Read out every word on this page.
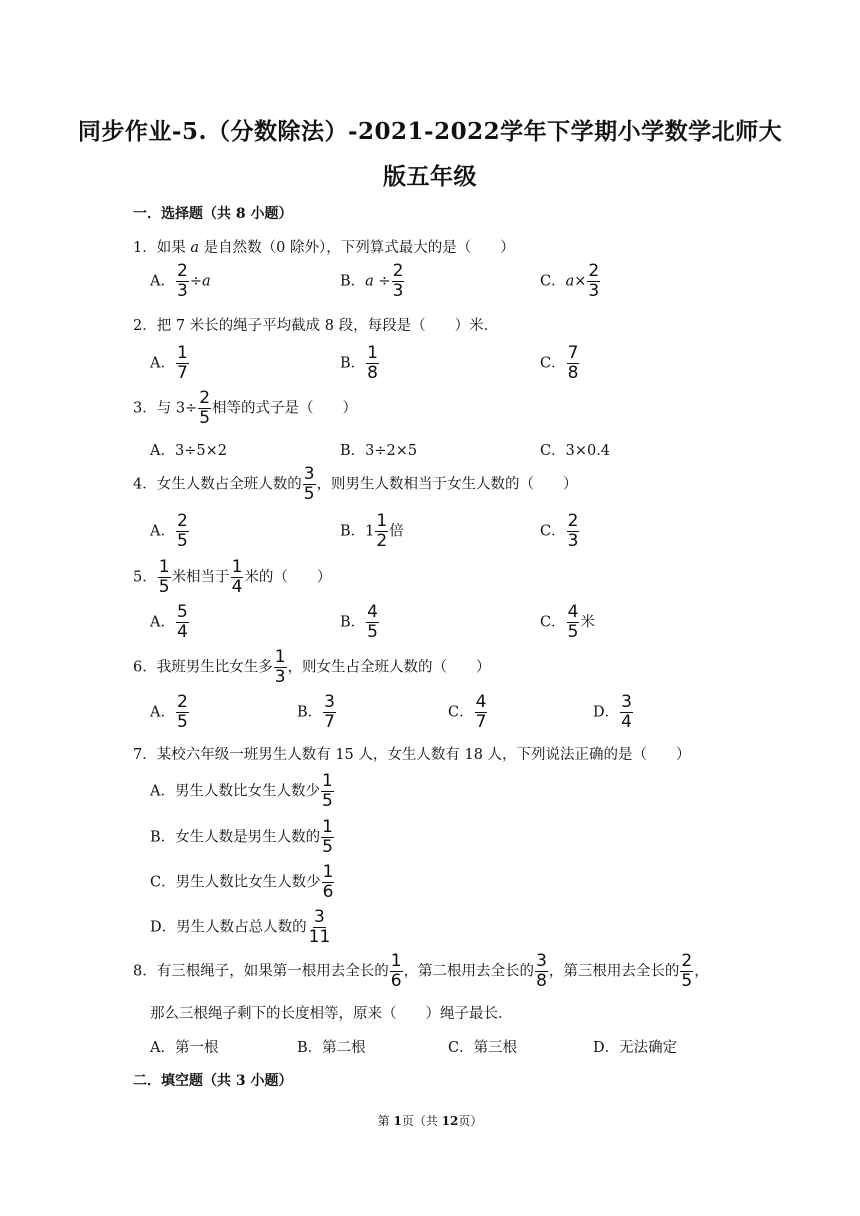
同步作业-5.（分数除法）-2021-2022学年下学期小学数学北师大
版五年级
一．选择题（共 8 小题）
1．如果 a 是自然数（0 除外），下列算式最大的是（　　）
A． $\frac{2}{3} \div a$	B．$a \div \frac{2}{3}$	C．$a\times \frac{2}{3}$
2．把 7 米长的绳子平均截成 8 段，每段是（　　）米．
A． $\frac{1}{7}$	B． $\frac{1}{8}$	C． $\frac{7}{8}$
3．与 $3\div \frac{2}{5}$ 相等的式子是（　　）
A．3÷5×2	B．3÷2×5	C．3×0.4
4．女生人数占全班人数的 $\frac{3}{5}$ ，则男生人数相当于女生人数的（　　）
A． $\frac{2}{5}$	B．$1 \frac{1}{2}$ 倍	C． $\frac{2}{3}$
5． $\frac{1}{5}$ 米相当于 $\frac{1}{4}$ 米的（　　）
A． $\frac{5}{4}$	B． $\frac{4}{5}$	C． $\frac{4}{5}$ 米
6．我班男生比女生多 $\frac{1}{3}$ ，则女生占全班人数的（　　）
A． $\frac{2}{5}$	B． $\frac{3}{7}$	C． $\frac{4}{7}$	D． $\frac{3}{4}$
7．某校六年级一班男生人数有 15 人，女生人数有 18 人，下列说法正确的是（　　）
A．男生人数比女生人数少 $\frac{1}{5}$
B．女生人数是男生人数的 $\frac{1}{5}$
C．男生人数比女生人数少 $\frac{1}{6}$
D．男生人数占总人数的 $\frac{3}{11}$
8．有三根绳子，如果第一根用去全长的 $\frac{1}{6}$ ，第二根用去全长的 $\frac{3}{8}$ ，第三根用去全长的 $\frac{2}{5}$ ，
那么三根绳子剩下的长度相等，原来（　　）绳子最长．
A．第一根	B．第二根	C．第三根	D．无法确定
二．填空题（共 3 小题）
第 1页（共 12页）
